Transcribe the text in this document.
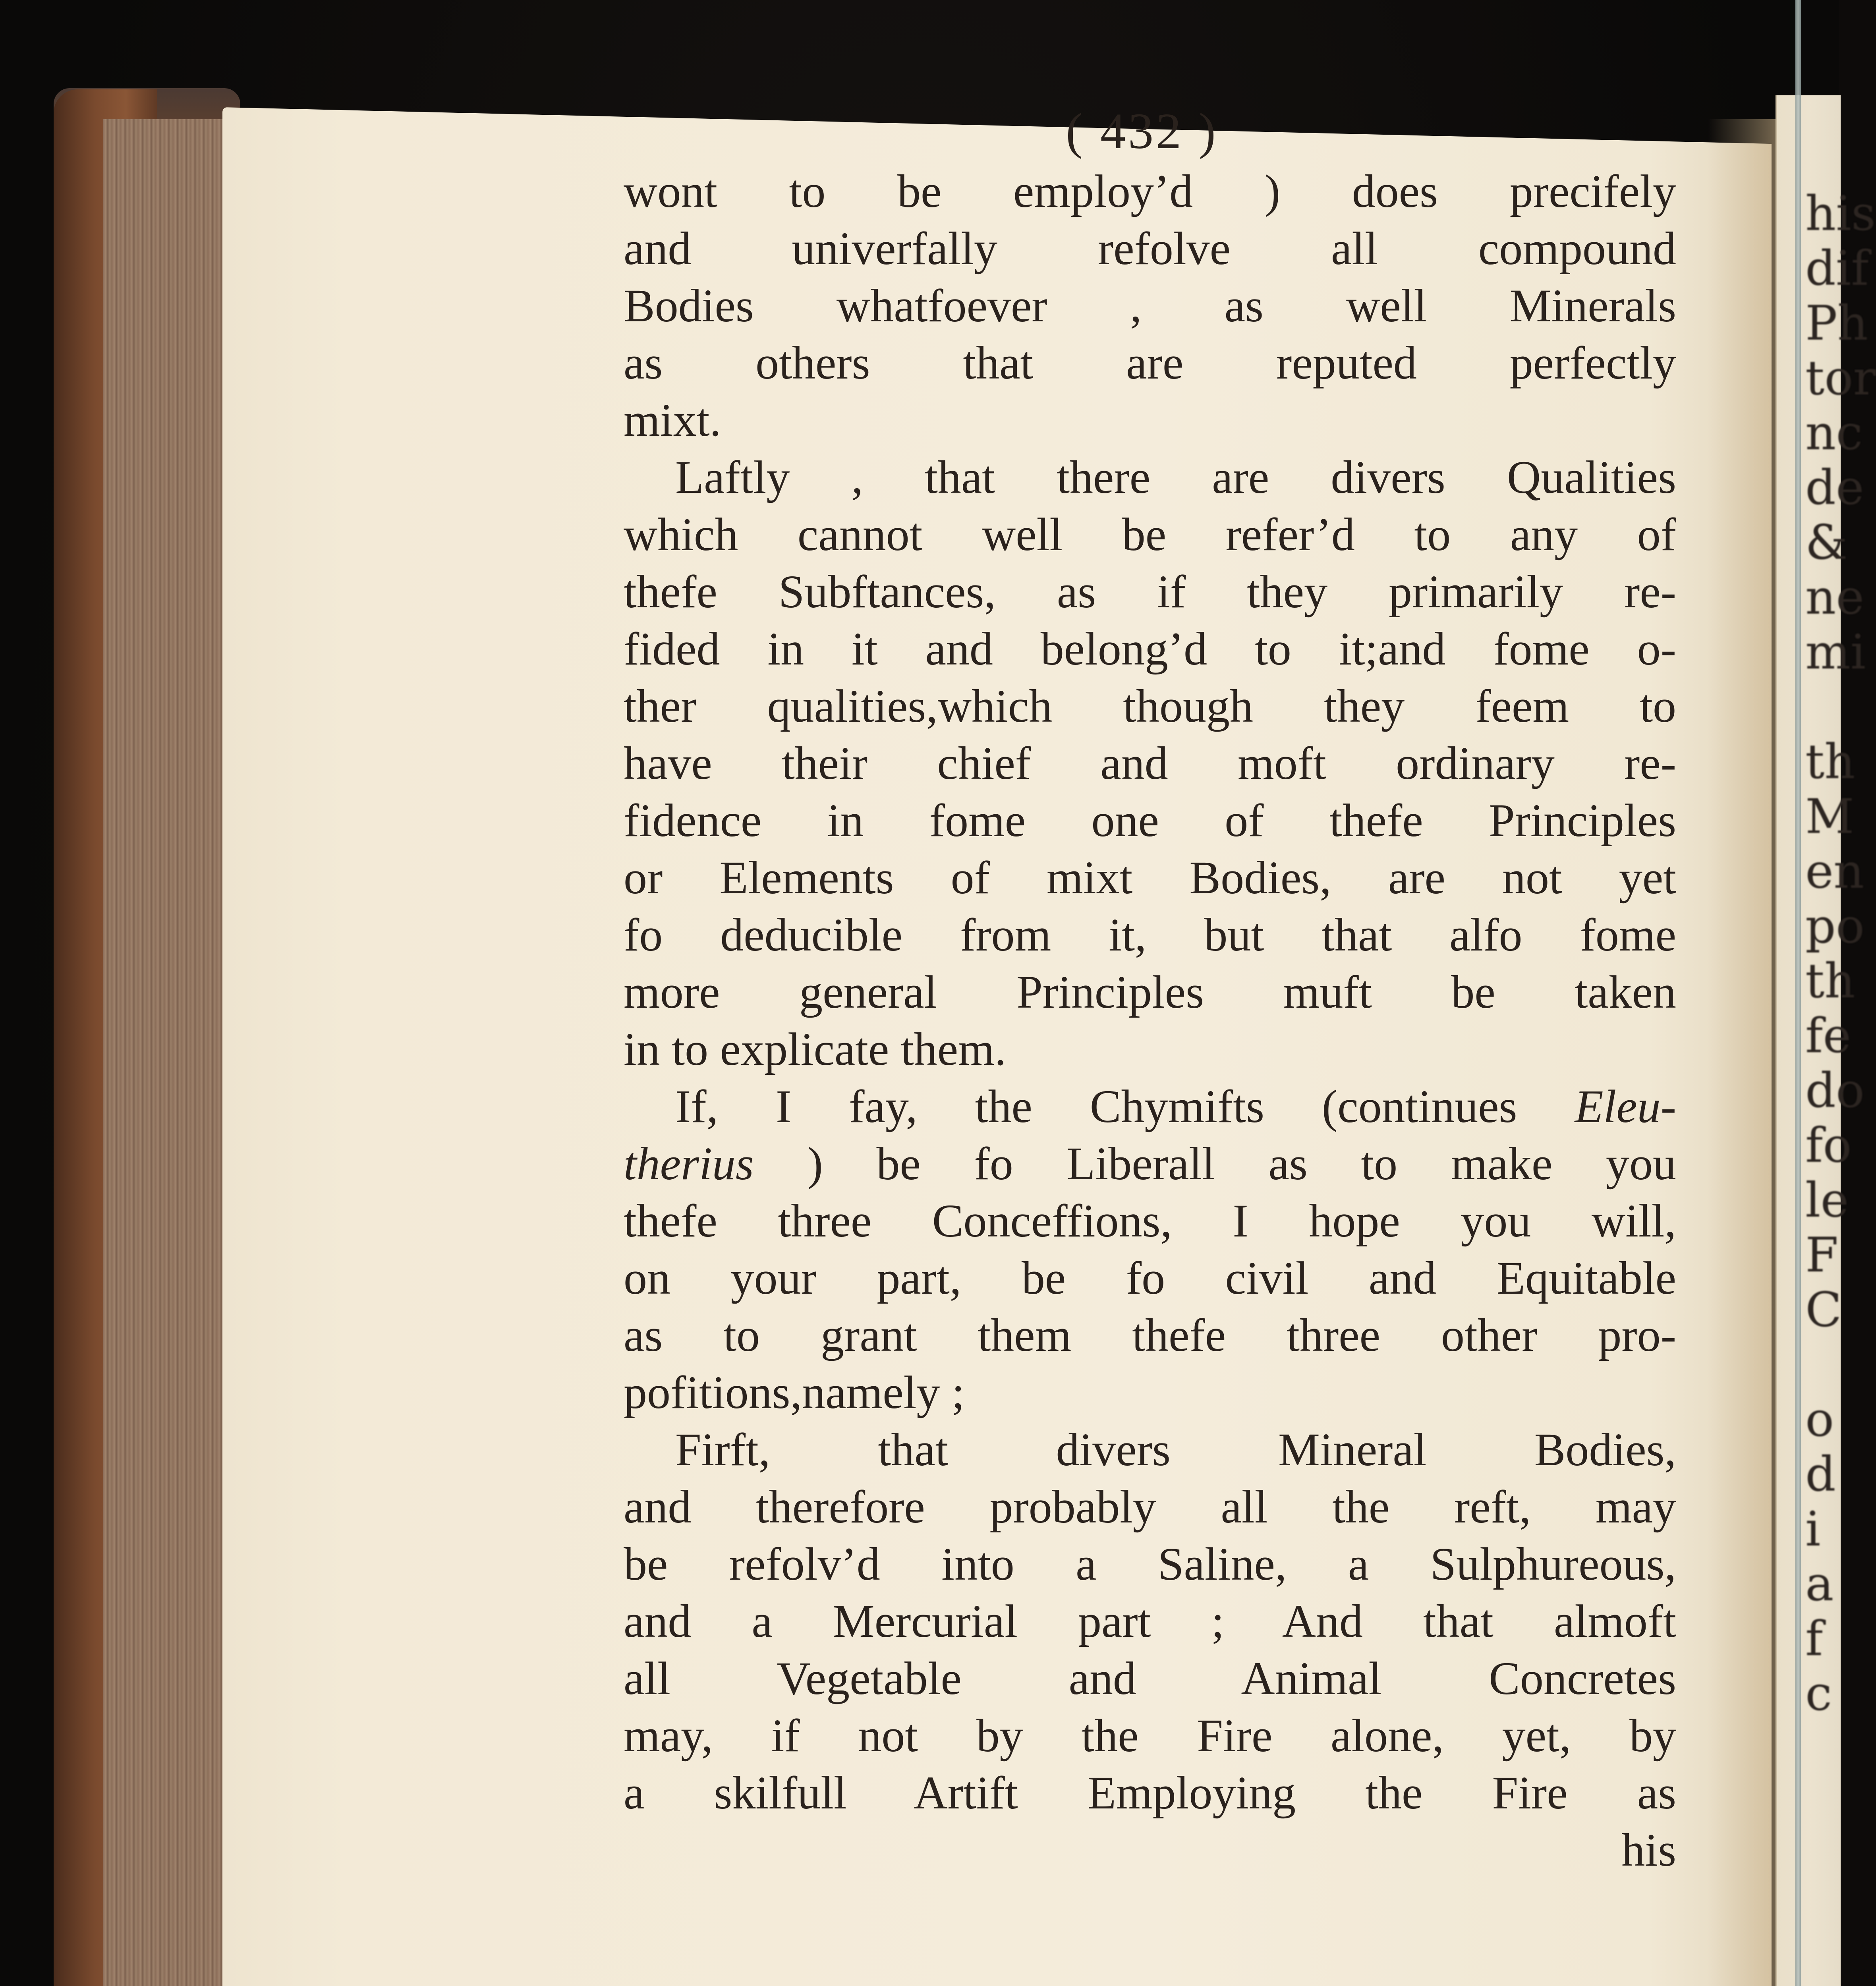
his
dif
Ph
tor
nc
de
&
ne
mi
th
M
en
po
th
fe
do
fo
le
F
C
o
d
i
a
f
c
( 432 )
wont to be employ’d ) does precifely
and univerfally refolve all compound
Bodies whatfoever , as well Minerals
as others that are reputed perfectly
mixt.
Laftly , that there are divers Qualities
which cannot well be refer’d to any of
thefe Subftances, as if they primarily re-
fided in it and belong’d to it;and fome o-
ther qualities,which though they feem to
have their chief and moft ordinary re-
fidence in fome one of thefe Principles
or Elements of mixt Bodies, are not yet
fo deducible from it, but that alfo fome
more general Principles muft be taken
in to explicate them.
If, I fay, the Chymifts (continues Eleu-
therius ) be fo Liberall as to make you
thefe three Conceffions, I hope you will,
on your part, be fo civil and Equitable
as to grant them thefe three other pro-
pofitions,namely ;
Firft, that divers Mineral Bodies,
and therefore probably all the reft, may
be refolv’d into a Saline, a Sulphureous,
and a Mercurial part ; And that almoft
all Vegetable and Animal Concretes
may, if not by the Fire alone, yet, by
a skilfull Artift Employing the Fire as
his
